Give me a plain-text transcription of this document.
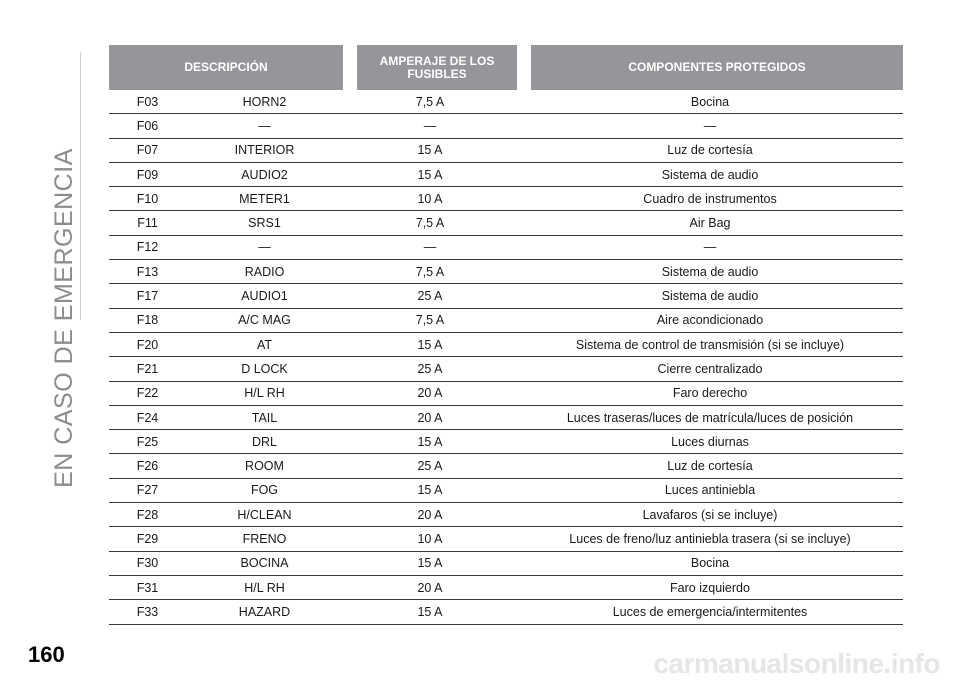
EN CASO DE EMERGENCIA
DESCRIPCIÓN			AMPERAJE DE LOS FUSIBLES		COMPONENTES PROTEGIDOS
F03	HORN2	7,5 A		Bocina	
F06	—	—		—	
F07	INTERIOR	15 A		Luz de cortesía	
F09	AUDIO2	15 A		Sistema de audio	
F10	METER1	10 A		Cuadro de instrumentos	
F11	SRS1	7,5 A		Air Bag	
F12	—	—		—	
F13	RADIO	7,5 A		Sistema de audio	
F17	AUDIO1	25 A		Sistema de audio	
F18	A/C MAG	7,5 A		Aire acondicionado	
F20	AT	15 A		Sistema de control de transmisión (si se incluye)	
F21	D LOCK	25 A		Cierre centralizado	
F22	H/L RH	20 A		Faro derecho	
F24	TAIL	20 A		Luces traseras/luces de matrícula/luces de posición	
F25	DRL	15 A		Luces diurnas	
F26	ROOM	25 A		Luz de cortesía	
F27	FOG	15 A		Luces antiniebla	
F28	H/CLEAN	20 A		Lavafaros (si se incluye)	
F29	FRENO	10 A		Luces de freno/luz antiniebla trasera (si se incluye)	
F30	BOCINA	15 A		Bocina	
F31	H/L RH	20 A		Faro izquierdo	
F33	HAZARD	15 A		Luces de emergencia/intermitentes	
160	carmanualsonline.info
